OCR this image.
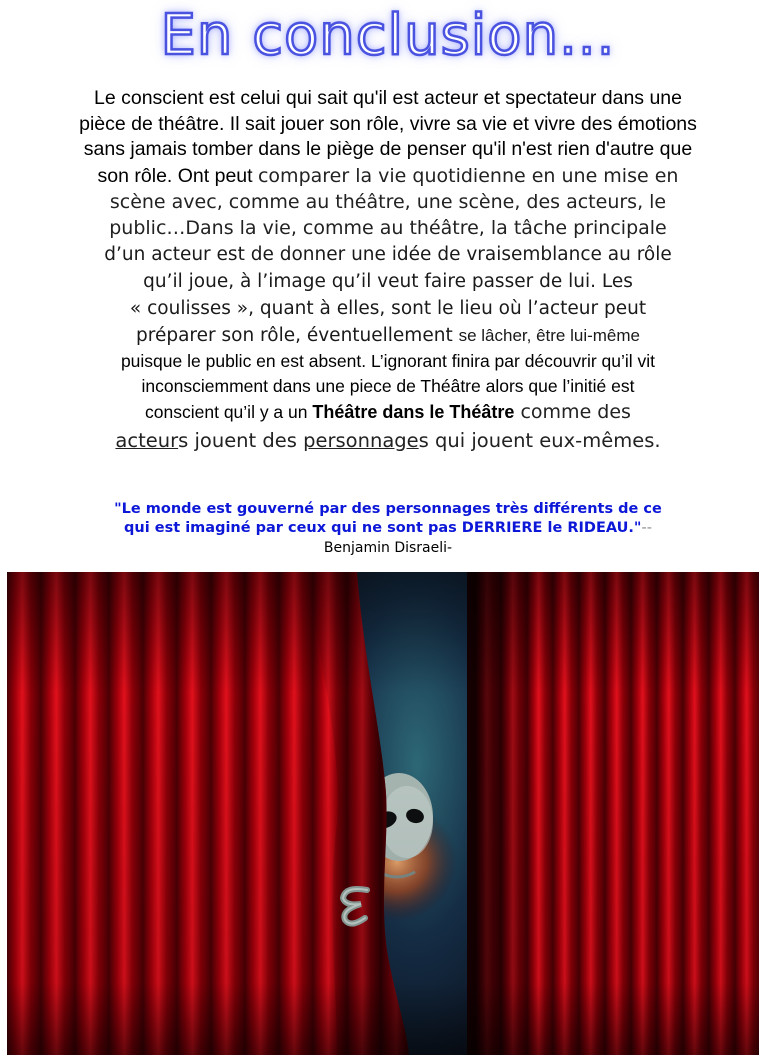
En conclusion...
Le conscient est celui qui sait qu'il est acteur et spectateur dans une
pièce de théâtre. Il sait jouer son rôle, vivre sa vie et vivre des émotions
sans jamais tomber dans le piège de penser qu'il n'est rien d'autre que
son rôle. Ont peut comparer la vie quotidienne en une mise en
scène avec, comme au théâtre, une scène, des acteurs, le
public…Dans la vie, comme au théâtre, la tâche principale
d’un acteur est de donner une idée de vraisemblance au rôle
qu’il joue, à l’image qu’il veut faire passer de lui. Les
« coulisses », quant à elles, sont le lieu où l’acteur peut
préparer son rôle, éventuellement se lâcher, être lui-même
puisque le public en est absent. L’ignorant finira par découvrir qu’il vit
inconsciemment dans une piece de Théâtre alors que l’initié est
conscient qu’il y a un Théâtre dans le Théâtre comme des
acteurs jouent des personnages qui jouent eux-mêmes.
"Le monde est gouverné par des personnages très différents de ce
qui est imaginé par ceux qui ne sont pas DERRIERE le RIDEAU."--
Benjamin Disraeli-
